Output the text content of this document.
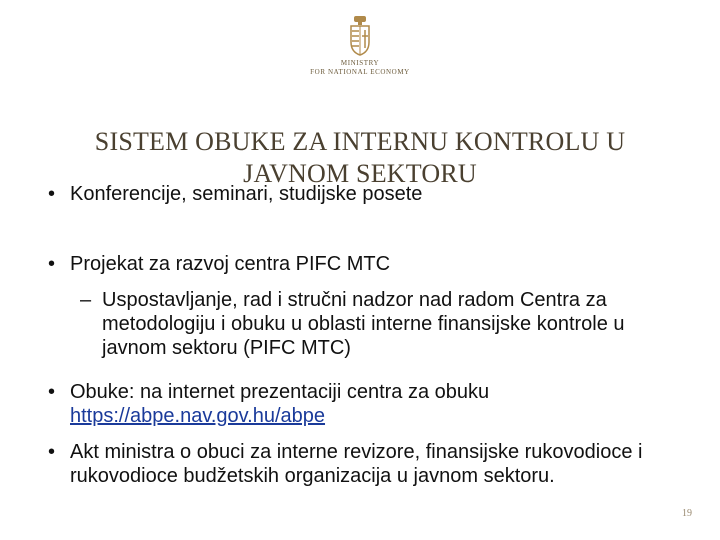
MINISTRY
FOR NATIONAL ECONOMY
SISTEM OBUKE ZA INTERNU KONTROLU U
JAVNOM SEKTORU
• Konferencije, seminari, studijske posete
• Projekat za razvoj centra PIFC MTC
– Uspostavljanje, rad i stručni nadzor nad radom Centra za metodologiju i obuku u oblasti interne finansijske kontrole u javnom sektoru (PIFC MTC)
• Obuke: na internet prezentaciji centra za obuku
https://abpe.nav.gov.hu/abpe
• Akt ministra o obuci za interne revizore, finansijske rukovodioce i rukovodioce budžetskih organizacija u javnom sektoru.
19
